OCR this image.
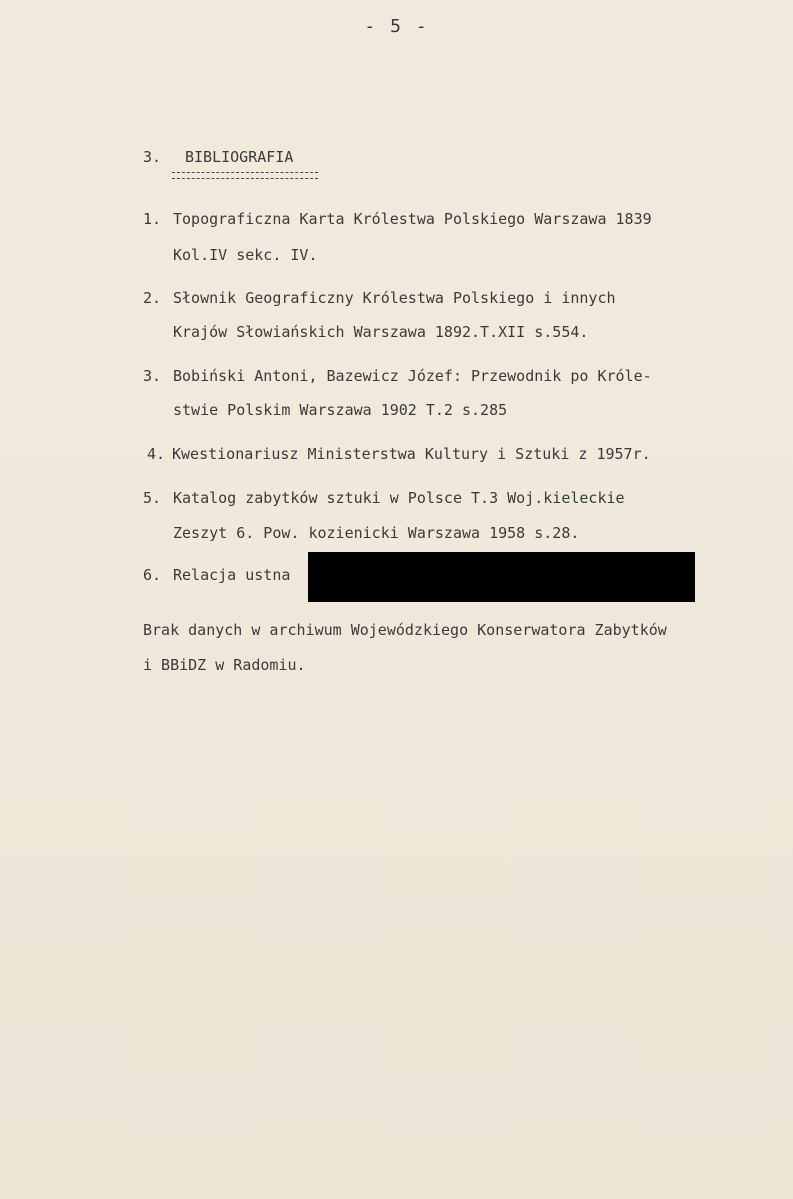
- 5 -
3. BIBLIOGRAFIA
1. Topograficzna Karta Królestwa Polskiego Warszawa 1839
Kol.IV sekc. IV.
2. Słownik Geograficzny Królestwa Polskiego i innych
Krajów Słowiańskich Warszawa 1892.T.XII s.554.
3. Bobiński Antoni, Bazewicz Józef: Przewodnik po Króle-
stwie Polskim Warszawa 1902 T.2 s.285
4. Kwestionariusz Ministerstwa Kultury i Sztuki z 1957r.
5. Katalog zabytków sztuki w Polsce T.3 Woj.kieleckie
Zeszyt 6. Pow. kozienicki Warszawa 1958 s.28.
6. Relacja ustna
Brak danych w archiwum Wojewódzkiego Konserwatora Zabytków
i BBiDZ w Radomiu.
